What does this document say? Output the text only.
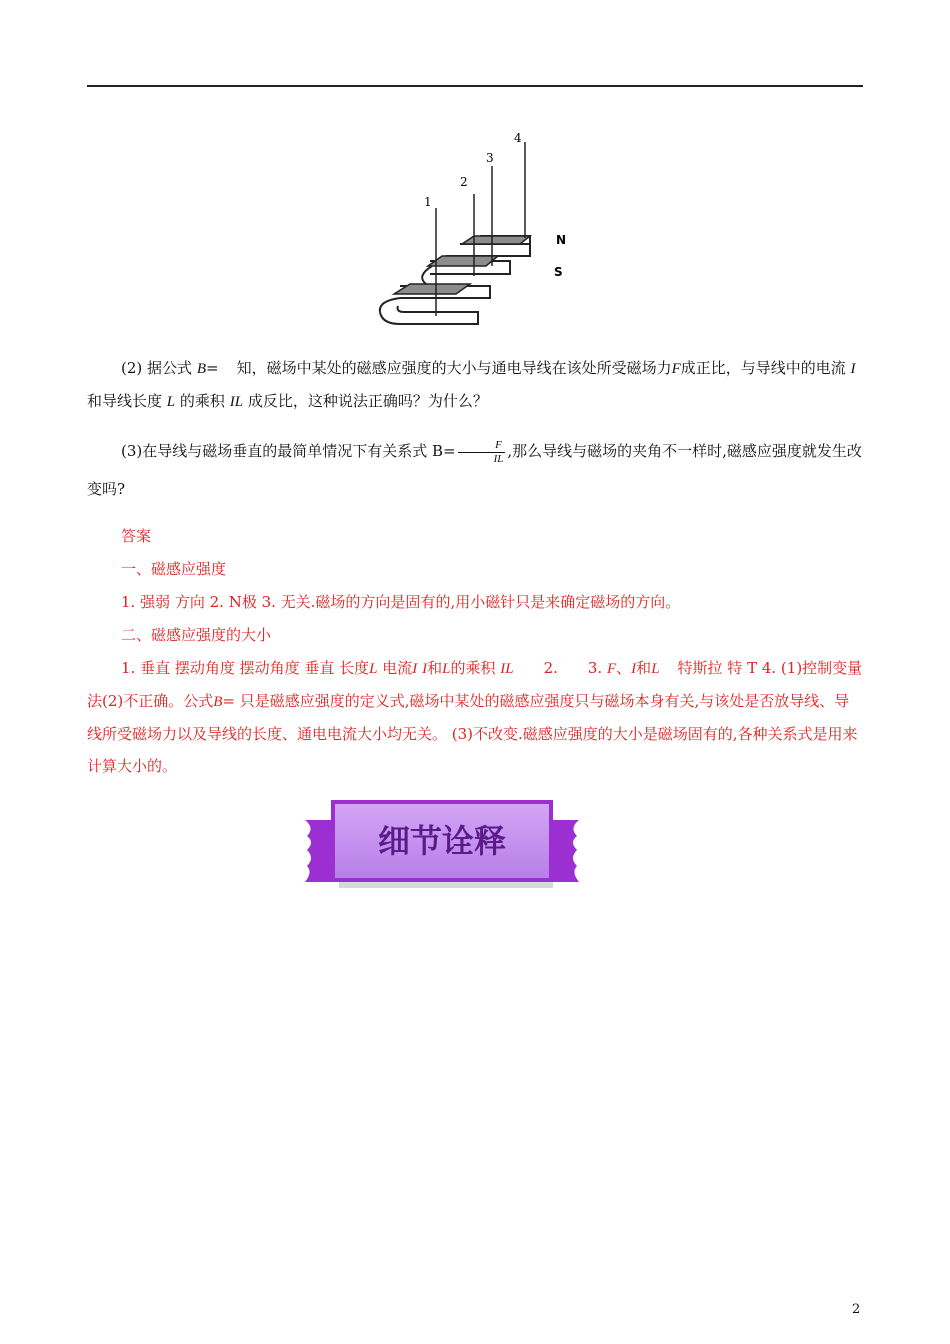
1
2
3
4
N
S
(2) 据公式 B= 知，磁场中某处的磁感应强度的大小与通电导线在该处所受磁场力F成正比，与导线中的电流 I 和导线长度 L 的乘积 IL 成反比，这种说法正确吗？为什么？
(3)在导线与磁场垂直的最简单情况下有关系式 $B= \frac{F}{IL}$ ,那么导线与磁场的夹角不一样时,磁感应强度就发生改变吗?
答案
一、磁感应强度
1. 强弱 方向 2. N极 3. 无关.磁场的方向是固有的,用小磁针只是来确定磁场的方向。
二、磁感应强度的大小
1. 垂直 摆动角度 摆动角度 垂直 长度L 电流I I和L的乘积 IL 2. 3. F、I和L 特斯拉 特 T 4. (1)控制变量法(2)不正确。公式B= 只是磁感应强度的定义式,磁场中某处的磁感应强度只与磁场本身有关,与该处是否放导线、导线所受磁场力以及导线的长度、通电电流大小均无关。 (3)不改变.磁感应强度的大小是磁场固有的,各种关系式是用来计算大小的。
细节诠释
2
